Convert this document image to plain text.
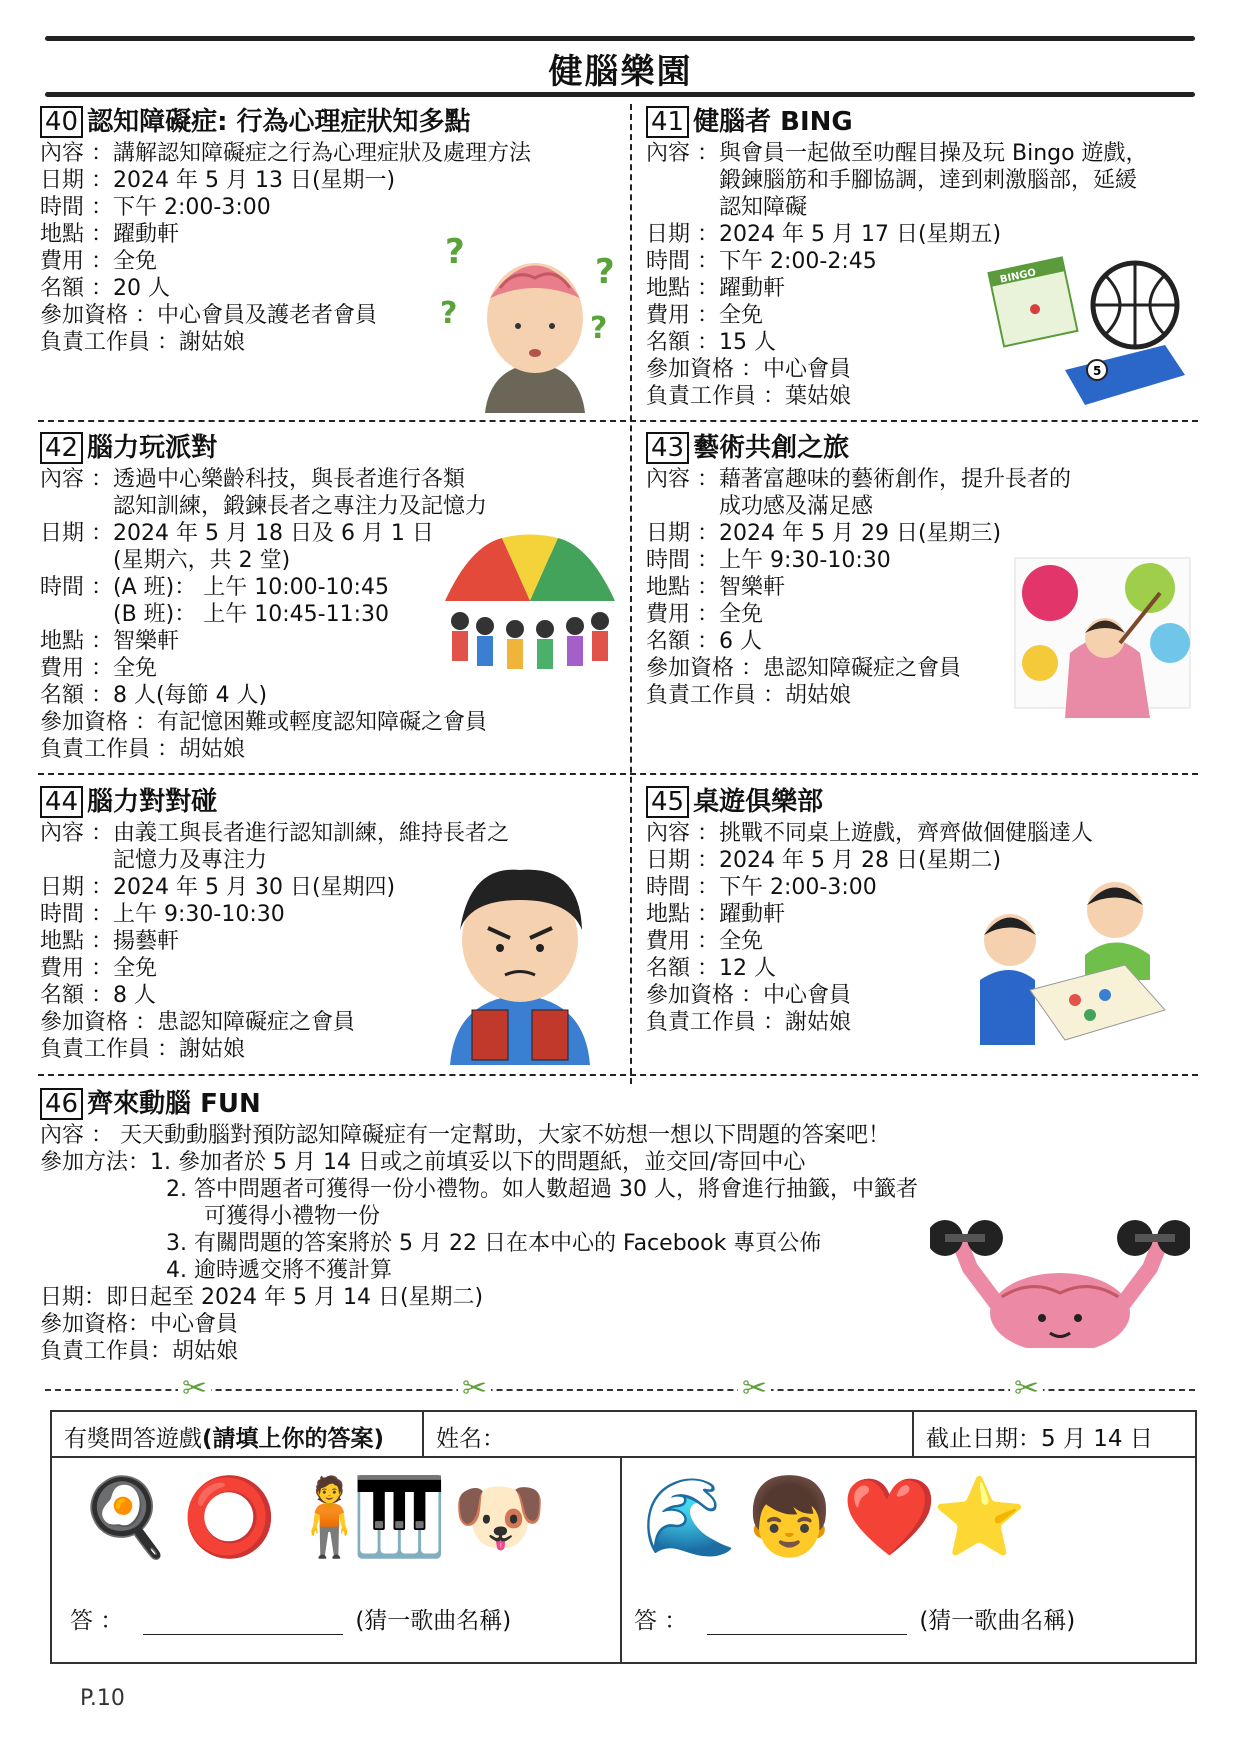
健腦樂園
40 認知障礙症: 行為心理症狀知多點
內容 ： 講解認知障礙症之行為心理症狀及處理方法
日期 ： 2024 年 5 月 13 日(星期一)
時間 ： 下午 2:00-3:00
地點 ： 躍動軒
費用 ： 全免
名額 ： 20 人
參加資格 ： 中心會員及護老者會員
負責工作員 ： 謝姑娘
41 健腦者 BING
內容 ： 與會員一起做至叻醒目操及玩 Bingo 遊戲，
鍛鍊腦筋和手腳協調，達到刺激腦部，延緩
認知障礙
日期 ： 2024 年 5 月 17 日(星期五)
時間 ： 下午 2:00-2:45
地點 ： 躍動軒
費用 ： 全免
名額 ： 15 人
參加資格 ： 中心會員
負責工作員 ： 葉姑娘
42 腦力玩派對
內容 ： 透過中心樂齡科技，與長者進行各類
認知訓練，鍛鍊長者之專注力及記憶力
日期 ： 2024 年 5 月 18 日及 6 月 1 日
(星期六，共 2 堂)
時間 ： (A 班)： 上午 10:00-10:45
(B 班)： 上午 10:45-11:30
地點 ： 智樂軒
費用 ： 全免
名額 ： 8 人(每節 4 人)
參加資格 ： 有記憶困難或輕度認知障礙之會員
負責工作員 ： 胡姑娘
43 藝術共創之旅
內容 ： 藉著富趣味的藝術創作，提升長者的
成功感及滿足感
日期 ： 2024 年 5 月 29 日(星期三)
時間 ： 上午 9:30-10:30
地點 ： 智樂軒
費用 ： 全免
名額 ： 6 人
參加資格 ： 患認知障礙症之會員
負責工作員 ： 胡姑娘
44 腦力對對碰
內容 ： 由義工與長者進行認知訓練，維持長者之
記憶力及專注力
日期 ： 2024 年 5 月 30 日(星期四)
時間 ： 上午 9:30-10:30
地點 ： 揚藝軒
費用 ： 全免
名額 ： 8 人
參加資格 ： 患認知障礙症之會員
負責工作員 ： 謝姑娘
45 桌遊俱樂部
內容 ： 挑戰不同桌上遊戲，齊齊做個健腦達人
日期 ： 2024 年 5 月 28 日(星期二)
時間 ： 下午 2:00-3:00
地點 ： 躍動軒
費用 ： 全免
名額 ： 12 人
參加資格 ： 中心會員
負責工作員 ： 謝姑娘
46 齊來動腦 FUN
內容 ： 天天動動腦對預防認知障礙症有一定幫助，大家不妨想一想以下問題的答案吧！
參加方法： 1. 參加者於 5 月 14 日或之前填妥以下的問題紙，並交回/寄回中心
2. 答中問題者可獲得一份小禮物。如人數超過 30 人，將會進行抽籤，中籤者
可獲得小禮物一份
3. 有關問題的答案將於 5 月 22 日在本中心的 Facebook 專頁公佈
4. 逾時遞交將不獲計算
日期：即日起至 2024 年 5 月 14 日(星期二)
參加資格：中心會員
負責工作員：胡姑娘
?	?
?	?
BINGO
5
✂	✂	✂	✂
有獎問答遊戲(請填上你的答案) 姓名：	截止日期：5 月 14 日
🍳 ⭕ 🧍
🎹 🐶 🌊 👦 ❤️
⭐
答 ：	(猜一歌曲名稱)	答 ：	(猜一歌曲名稱)
P.10
